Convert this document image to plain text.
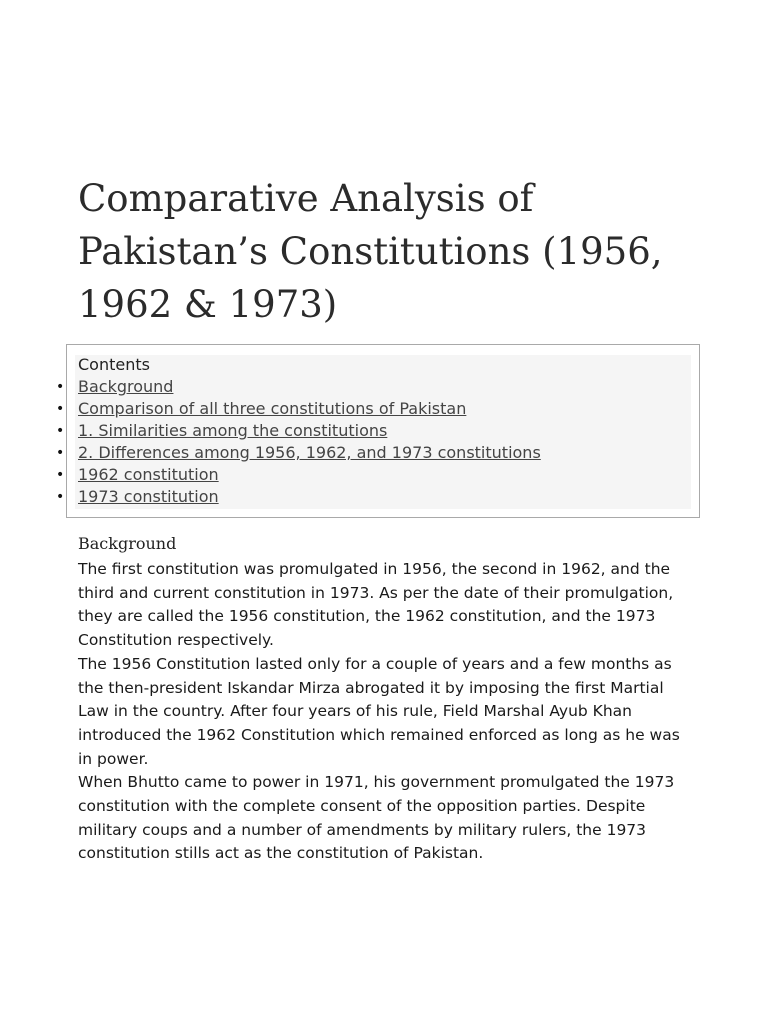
Comparative Analysis of Pakistan’s Constitutions (1956, 1962 & 1973)
Contents
• Background
• Comparison of all three constitutions of Pakistan
• 1. Similarities among the constitutions
• 2. Differences among 1956, 1962, and 1973 constitutions
• 1962 constitution
• 1973 constitution
Background

The first constitution was promulgated in 1956, the second in 1962, and the third and current constitution in 1973. As per the date of their promulgation, they are called the 1956 constitution, the 1962 constitution, and the 1973 Constitution respectively.

The 1956 Constitution lasted only for a couple of years and a few months as the then-president Iskandar Mirza abrogated it by imposing the first Martial Law in the country. After four years of his rule, Field Marshal Ayub Khan introduced the 1962 Constitution which remained enforced as long as he was in power.

When Bhutto came to power in 1971, his government promulgated the 1973 constitution with the complete consent of the opposition parties. Despite military coups and a number of amendments by military rulers, the 1973 constitution stills act as the constitution of Pakistan.
